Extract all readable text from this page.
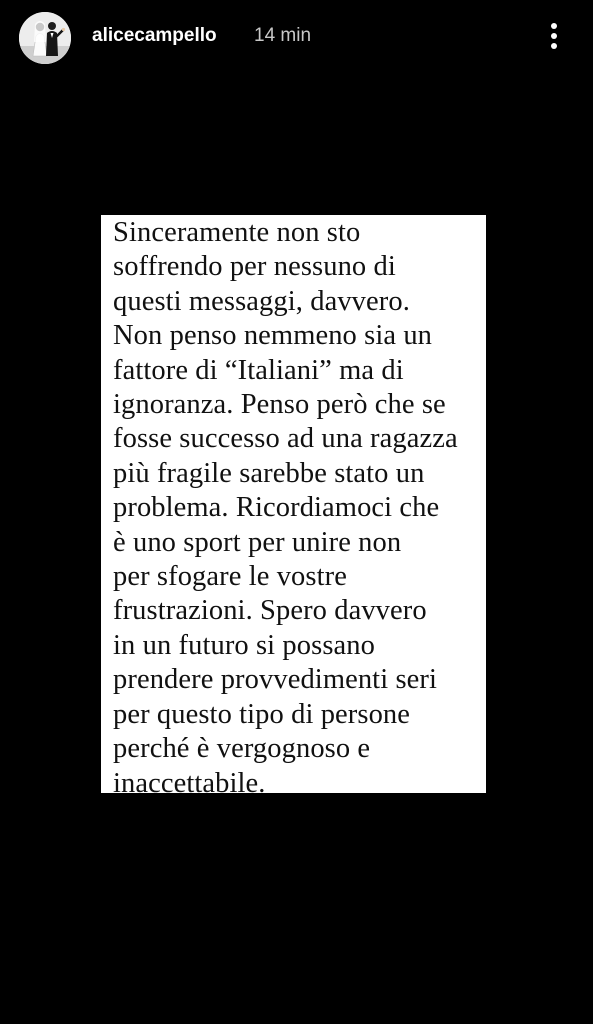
alicecampello 14 min
Sinceramente non sto
soffrendo per nessuno di
questi messaggi, davvero.
Non penso nemmeno sia un
fattore di “Italiani” ma di
ignoranza. Penso però che se
fosse successo ad una ragazza
più fragile sarebbe stato un
problema. Ricordiamoci che
è uno sport per unire non
per sfogare le vostre
frustrazioni. Spero davvero
in un futuro si possano
prendere provvedimenti seri
per questo tipo di persone
perché è vergognoso e
inaccettabile.
